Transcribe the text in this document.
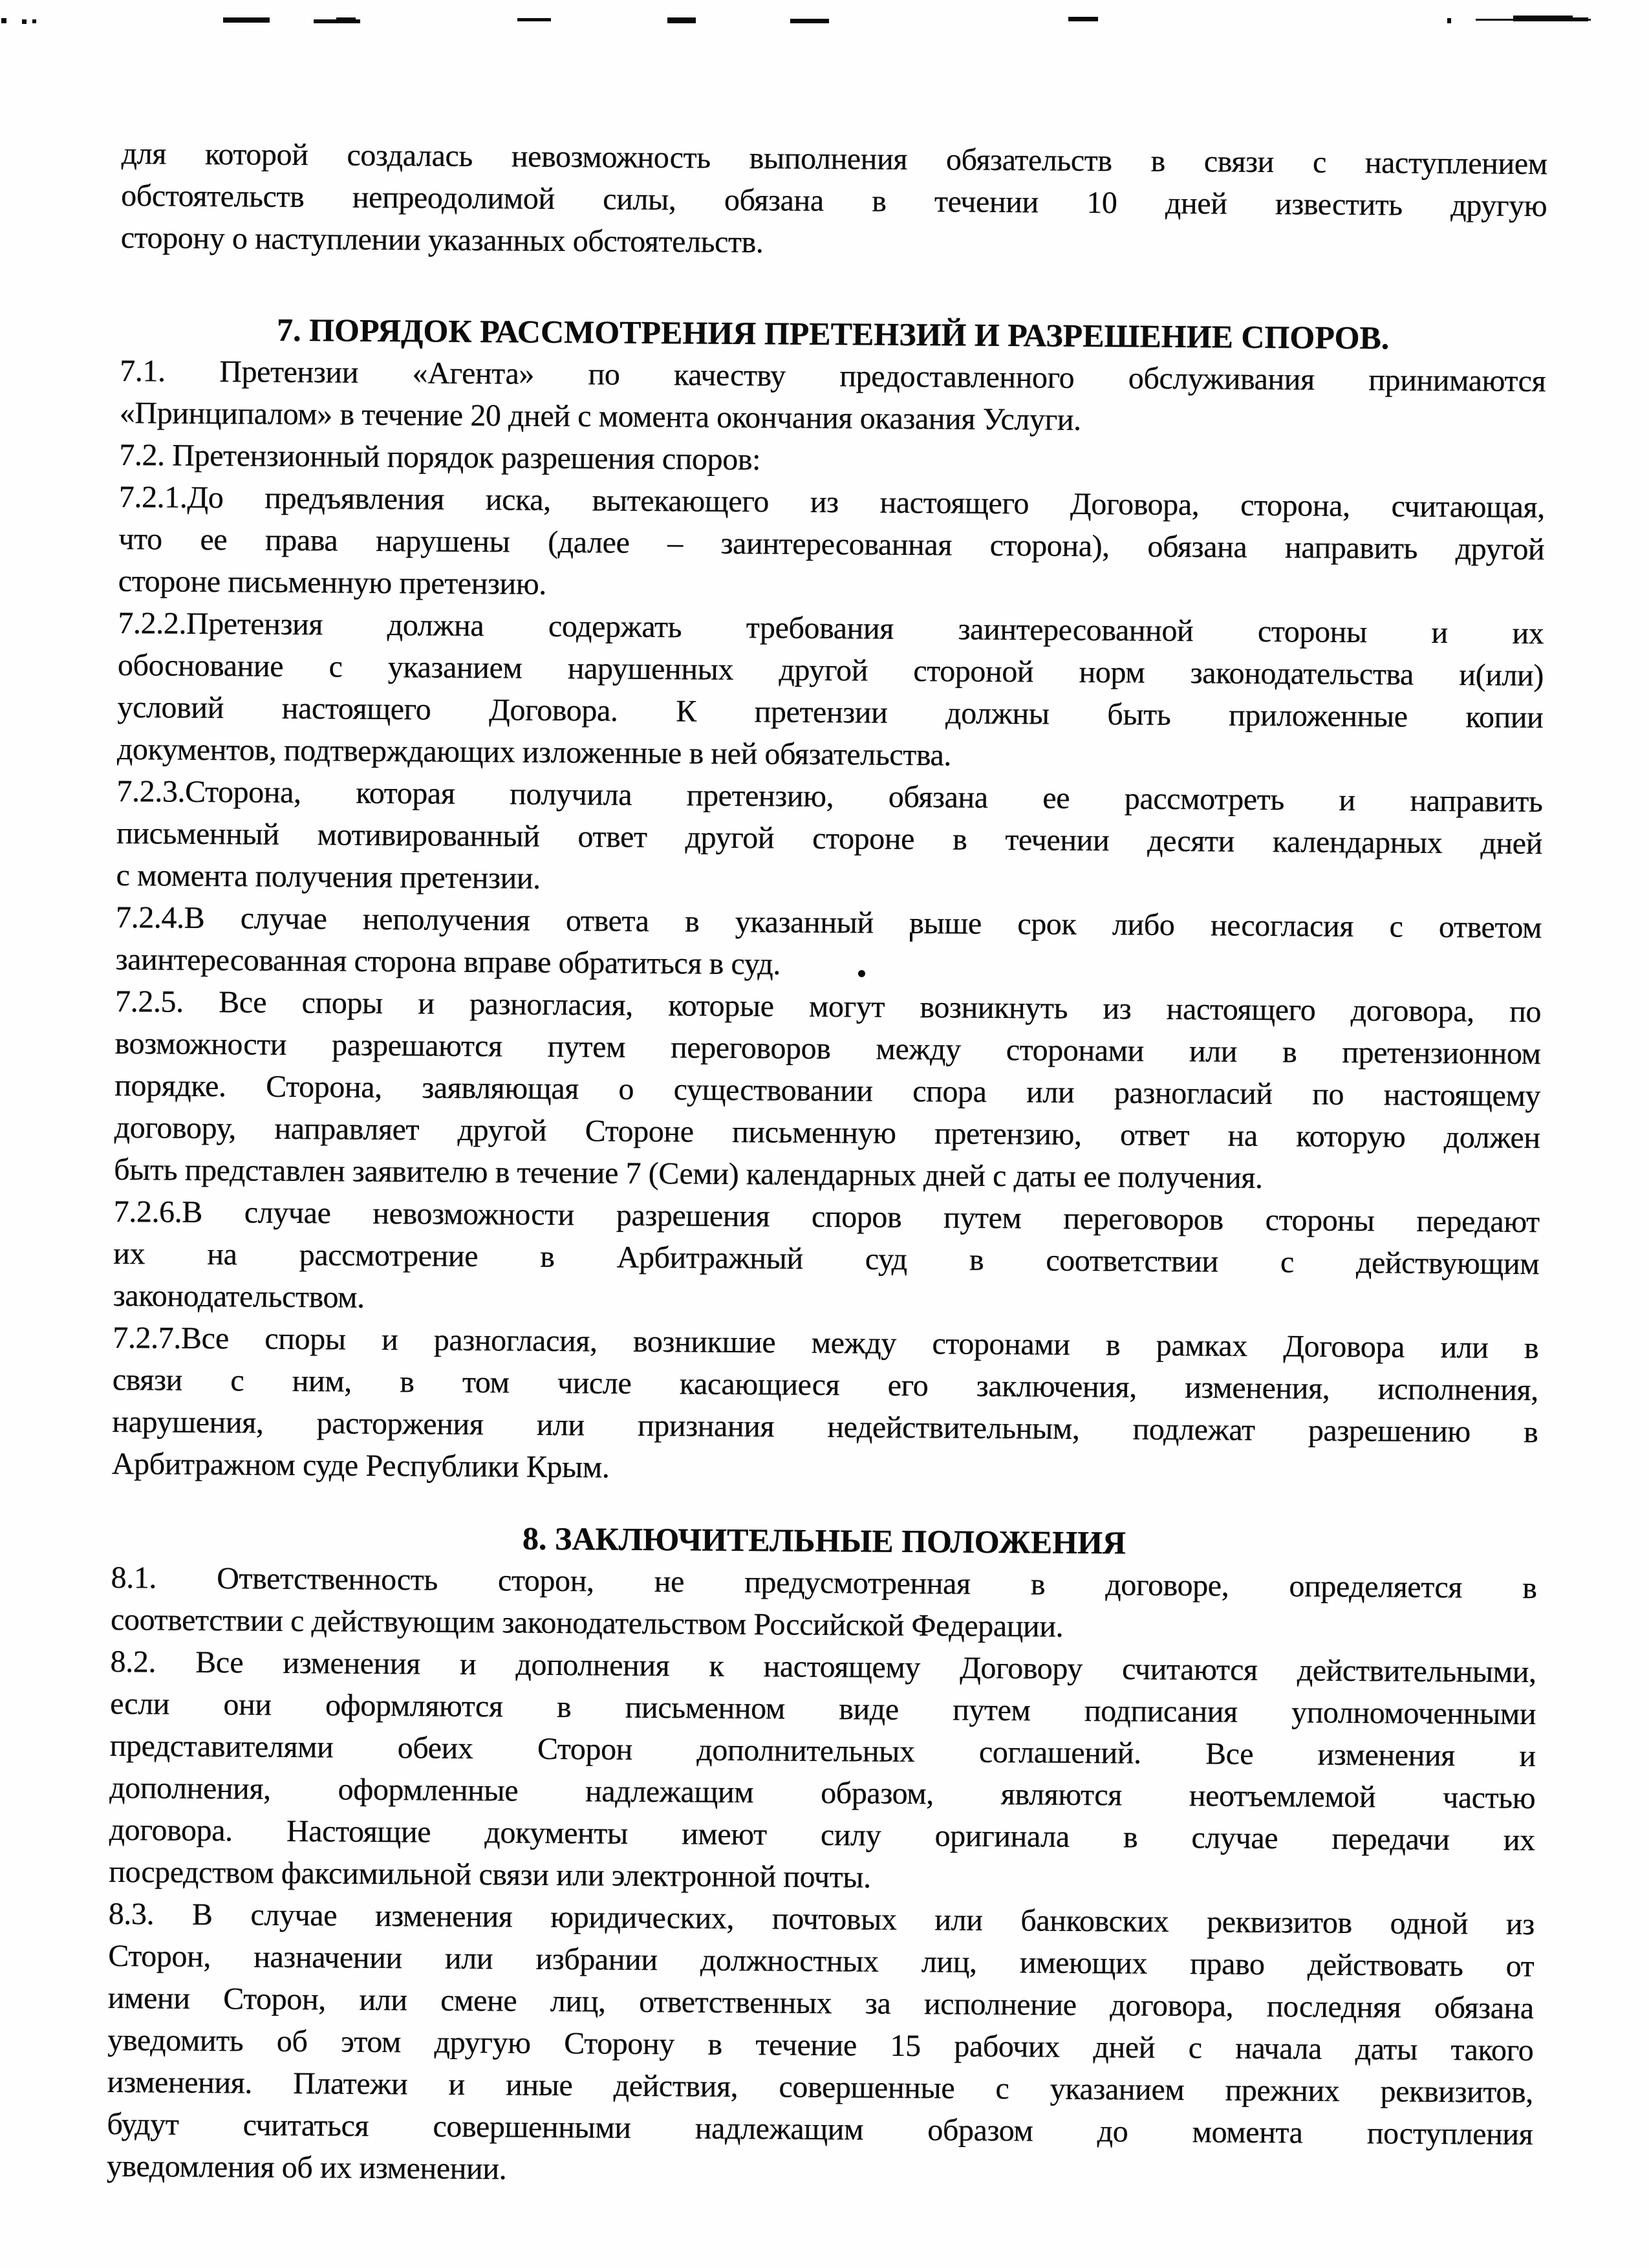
для которой создалась невозможность выполнения обязательств в связи с наступлением
обстоятельств непреодолимой силы, обязана в течении 10 дней известить другую
сторону о наступлении указанных обстоятельств.
7. ПОРЯДОК РАССМОТРЕНИЯ ПРЕТЕНЗИЙ И РАЗРЕШЕНИЕ СПОРОВ.
7.1. Претензии «Агента» по качеству предоставленного обслуживания принимаются
«Принципалом» в течение 20 дней с момента окончания оказания Услуги.
7.2. Претензионный порядок разрешения споров:
7.2.1.До предъявления иска, вытекающего из настоящего Договора, сторона, считающая,
что ее права нарушены (далее – заинтересованная сторона), обязана направить другой
стороне письменную претензию.
7.2.2.Претензия должна содержать требования заинтересованной стороны и их
обоснование с указанием нарушенных другой стороной норм законодательства и(или)
условий настоящего Договора. К претензии должны быть приложенные копии
документов, подтверждающих изложенные в ней обязательства.
7.2.3.Сторона, которая получила претензию, обязана ее рассмотреть и направить
письменный мотивированный ответ другой стороне в течении десяти календарных дней
с момента получения претензии.
7.2.4.В случае неполучения ответа в указанный выше срок либо несогласия с ответом
заинтересованная сторона вправе обратиться в суд.
7.2.5. Все споры и разногласия, которые могут возникнуть из настоящего договора, по
возможности разрешаются путем переговоров между сторонами или в претензионном
порядке. Сторона, заявляющая о существовании спора или разногласий по настоящему
договору, направляет другой Стороне письменную претензию, ответ на которую должен
быть представлен заявителю в течение 7 (Семи) календарных дней с даты ее получения.
7.2.6.В случае невозможности разрешения споров путем переговоров стороны передают
их на рассмотрение в Арбитражный суд в соответствии с действующим
законодательством.
7.2.7.Все споры и разногласия, возникшие между сторонами в рамках Договора или в
связи с ним, в том числе касающиеся его заключения, изменения, исполнения,
нарушения, расторжения или признания недействительным, подлежат разрешению в
Арбитражном суде Республики Крым.
8. ЗАКЛЮЧИТЕЛЬНЫЕ ПОЛОЖЕНИЯ
8.1. Ответственность сторон, не предусмотренная в договоре, определяется в
соответствии с действующим законодательством Российской Федерации.
8.2. Все изменения и дополнения к настоящему Договору считаются действительными,
если они оформляются в письменном виде путем подписания уполномоченными
представителями обеих Сторон дополнительных соглашений. Все изменения и
дополнения, оформленные надлежащим образом, являются неотъемлемой частью
договора. Настоящие документы имеют силу оригинала в случае передачи их
посредством факсимильной связи или электронной почты.
8.3. В случае изменения юридических, почтовых или банковских реквизитов одной из
Сторон, назначении или избрании должностных лиц, имеющих право действовать от
имени Сторон, или смене лиц, ответственных за исполнение договора, последняя обязана
уведомить об этом другую Сторону в течение 15 рабочих дней с начала даты такого
изменения. Платежи и иные действия, совершенные с указанием прежних реквизитов,
будут считаться совершенными надлежащим образом до момента поступления
уведомления об их изменении.
